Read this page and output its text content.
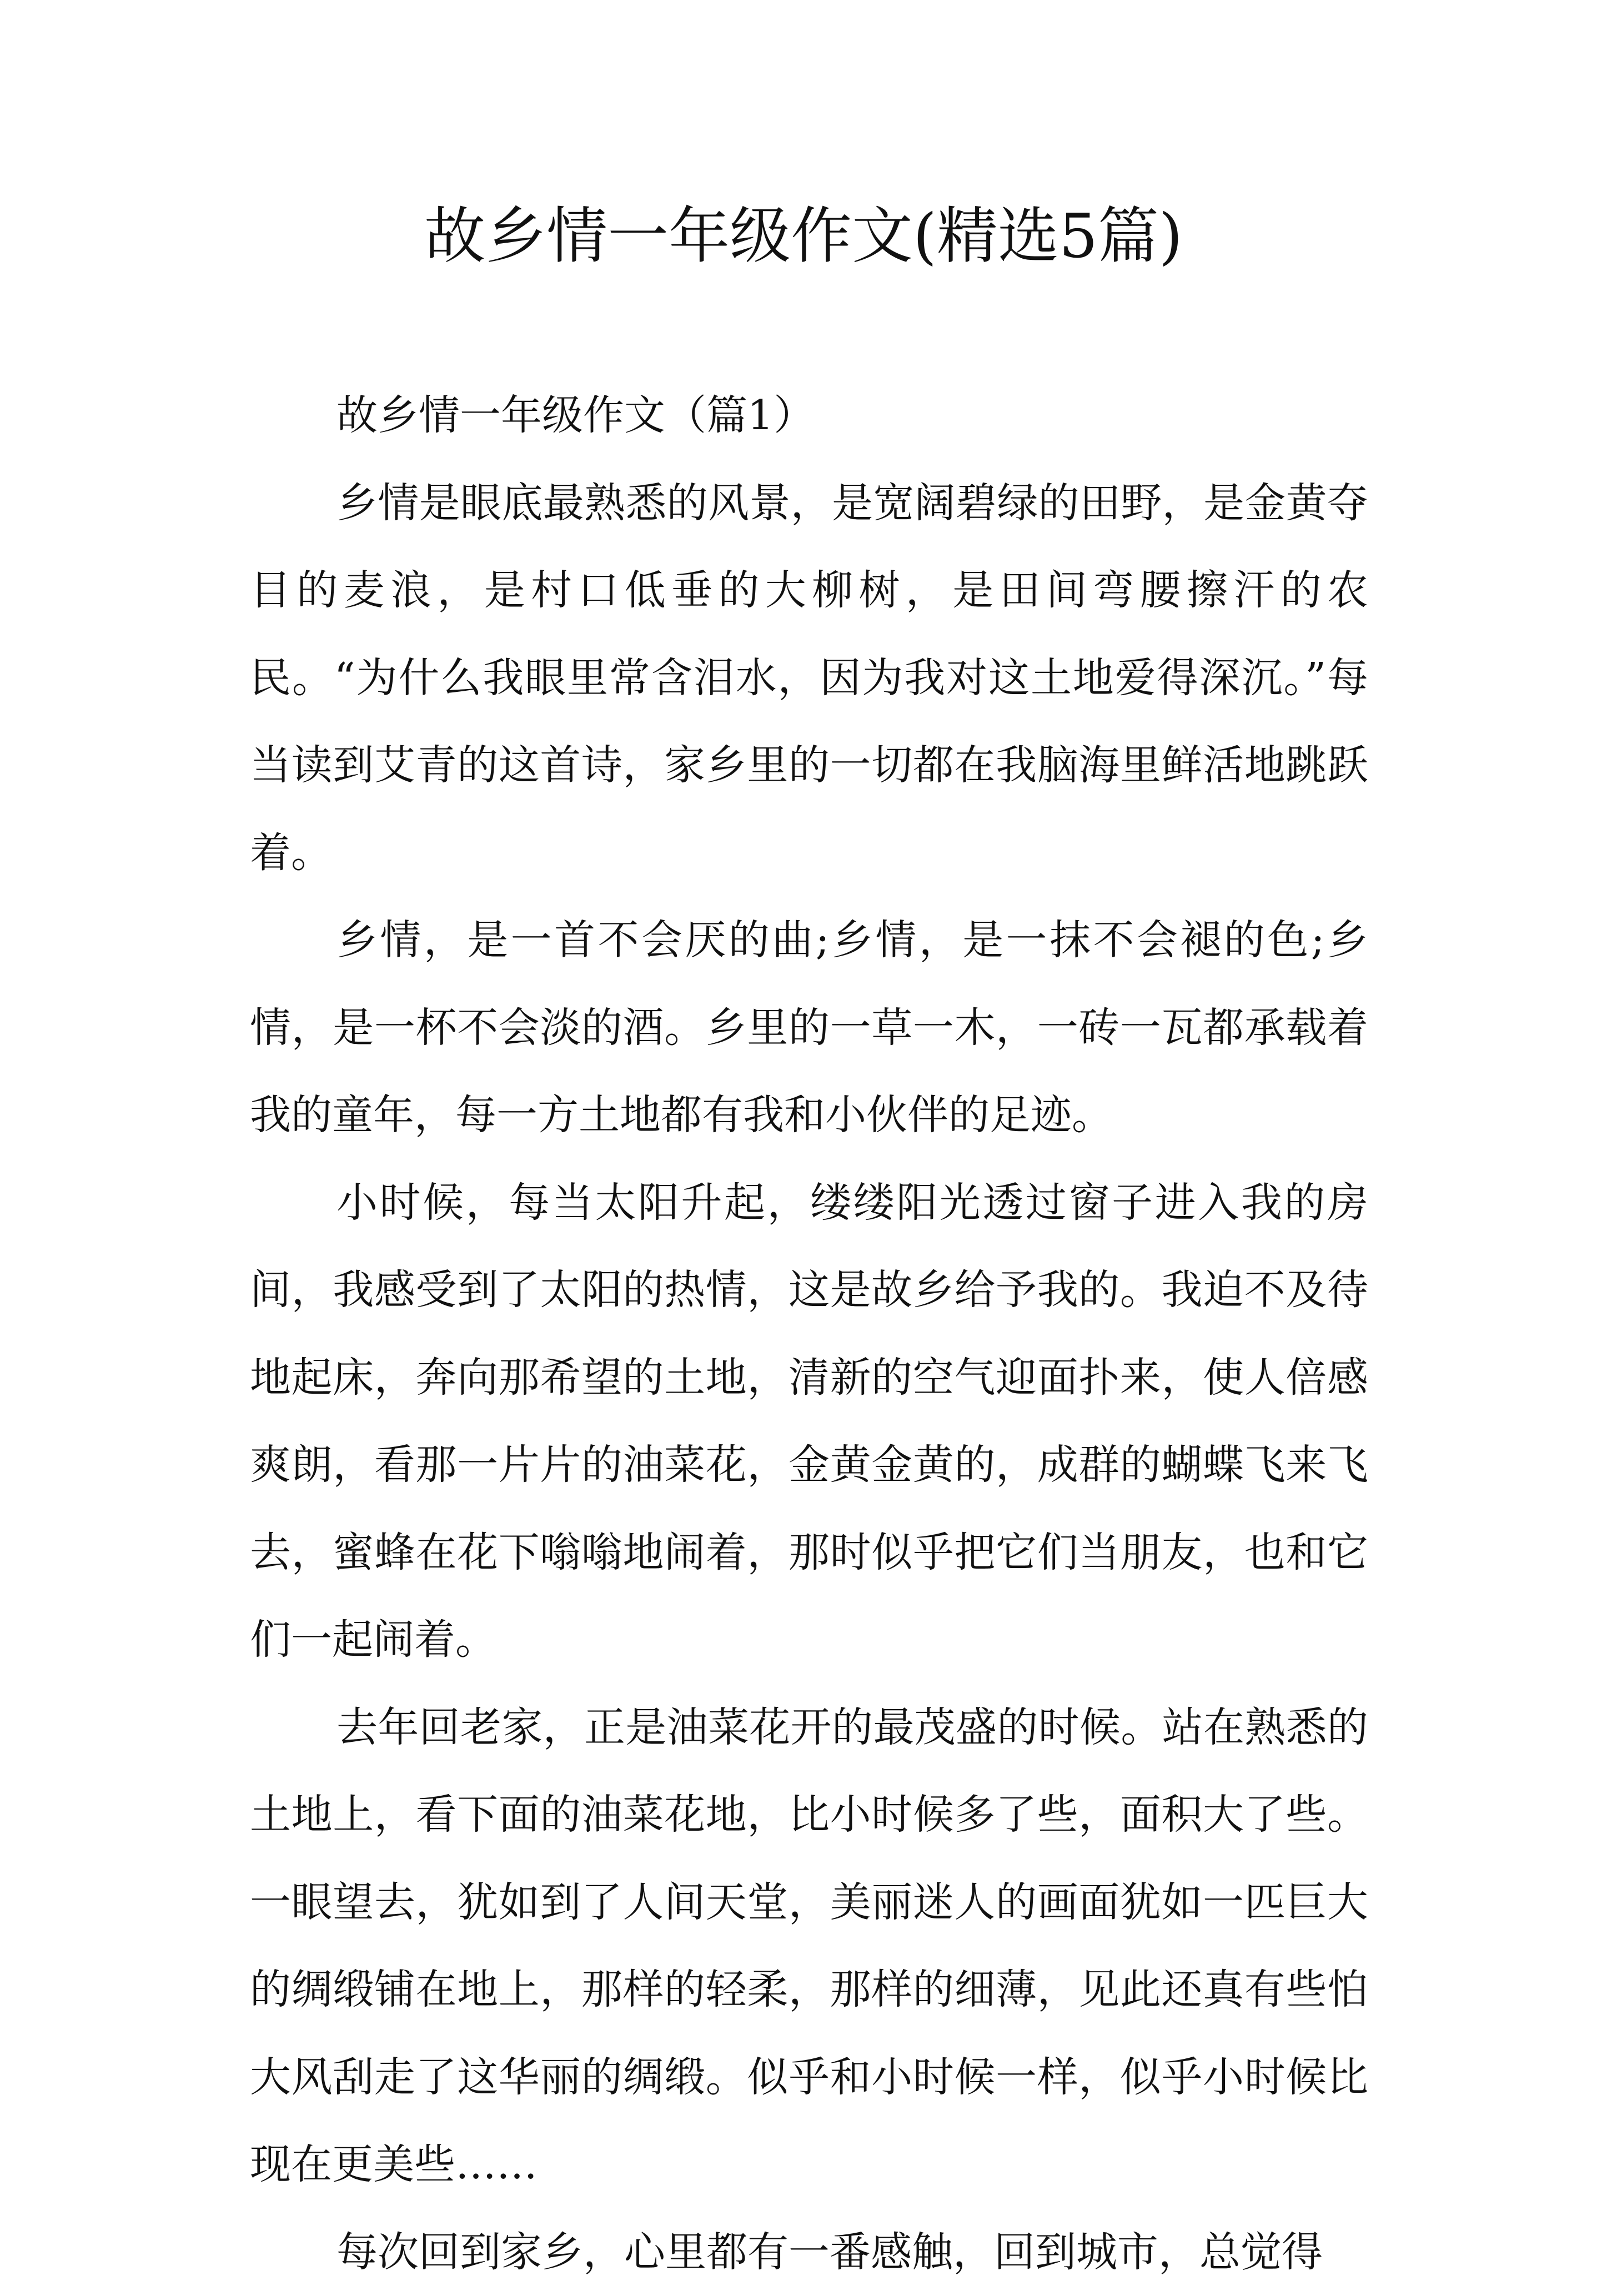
故乡情一年级作文(精选5篇)

故乡情一年级作文（篇1）

乡情是眼底最熟悉的风景，是宽阔碧绿的田野，是金黄夺目的麦浪，是村口低垂的大柳树，是田间弯腰擦汗的农民。“为什么我眼里常含泪水，因为我对这土地爱得深沉。”每当读到艾青的这首诗，家乡里的一切都在我脑海里鲜活地跳跃着。

乡情，是一首不会厌的曲;乡情，是一抹不会褪的色;乡情，是一杯不会淡的酒。乡里的一草一木，一砖一瓦都承载着我的童年，每一方土地都有我和小伙伴的足迹。

小时候，每当太阳升起，缕缕阳光透过窗子进入我的房间，我感受到了太阳的热情，这是故乡给予我的。我迫不及待地起床，奔向那希望的土地，清新的空气迎面扑来，使人倍感爽朗，看那一片片的油菜花，金黄金黄的，成群的蝴蝶飞来飞去，蜜蜂在花下嗡嗡地闹着，那时似乎把它们当朋友，也和它们一起闹着。

去年回老家，正是油菜花开的最茂盛的时候。站在熟悉的土地上，看下面的油菜花地，比小时候多了些，面积大了些。一眼望去，犹如到了人间天堂，美丽迷人的画面犹如一匹巨大的绸缎铺在地上，那样的轻柔，那样的细薄，见此还真有些怕大风刮走了这华丽的绸缎。似乎和小时候一样，似乎小时候比现在更美些……

每次回到家乡，心里都有一番感触，回到城市，总觉得
